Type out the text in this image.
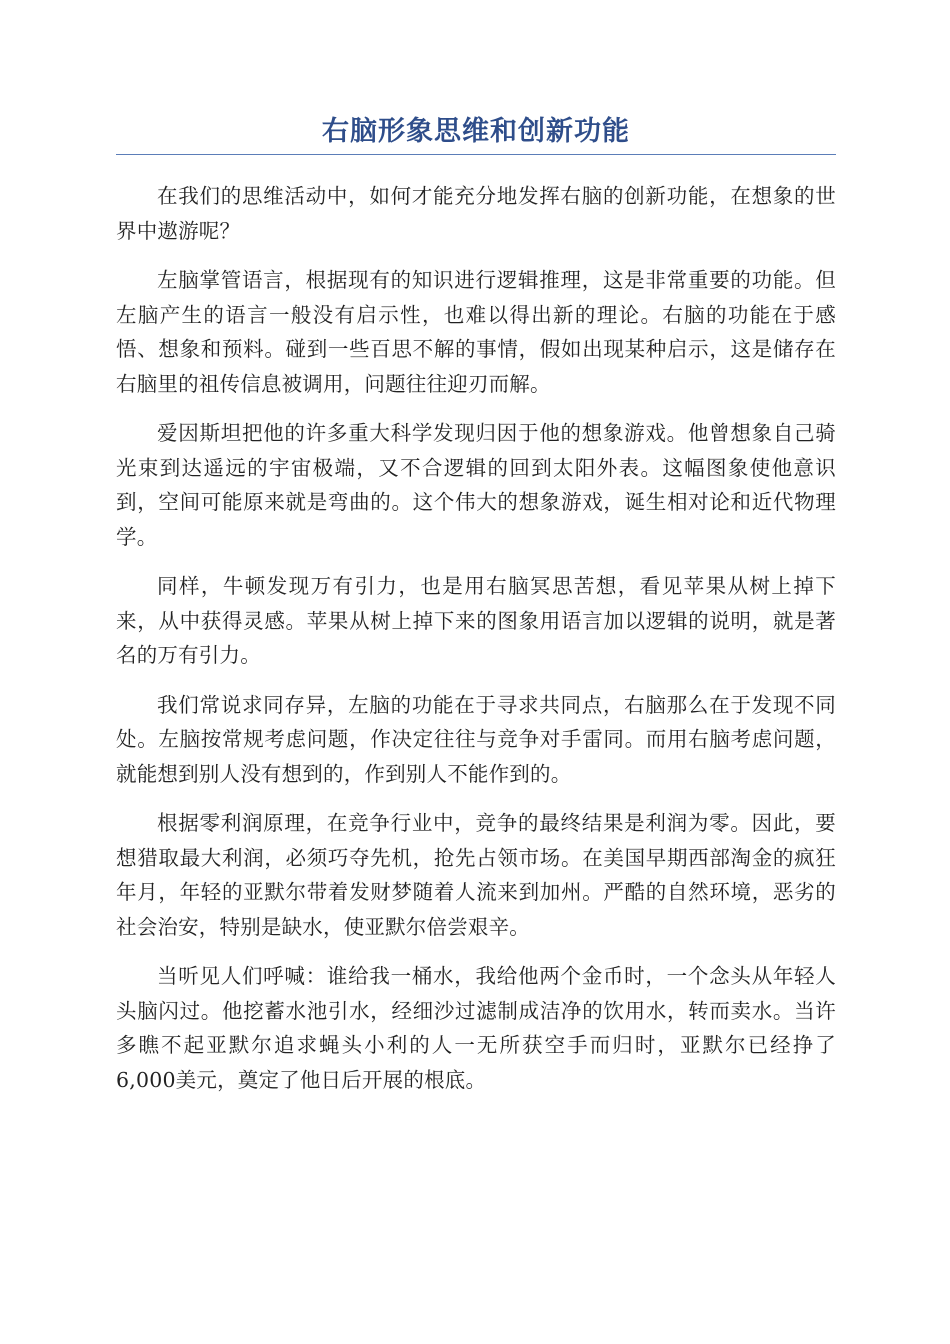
右脑形象思维和创新功能

在我们的思维活动中，如何才能充分地发挥右脑的创新功能，在想象的世界中遨游呢？

左脑掌管语言，根据现有的知识进行逻辑推理，这是非常重要的功能。但左脑产生的语言一般没有启示性，也难以得出新的理论。右脑的功能在于感悟、想象和预料。碰到一些百思不解的事情，假如出现某种启示，这是储存在右脑里的祖传信息被调用，问题往往迎刃而解。

爱因斯坦把他的许多重大科学发现归因于他的想象游戏。他曾想象自己骑光束到达遥远的宇宙极端，又不合逻辑的回到太阳外表。这幅图象使他意识到，空间可能原来就是弯曲的。这个伟大的想象游戏，诞生相对论和近代物理学。

同样，牛顿发现万有引力，也是用右脑冥思苦想，看见苹果从树上掉下来，从中获得灵感。苹果从树上掉下来的图象用语言加以逻辑的说明，就是著名的万有引力。

我们常说求同存异，左脑的功能在于寻求共同点，右脑那么在于发现不同处。左脑按常规考虑问题，作决定往往与竞争对手雷同。而用右脑考虑问题，就能想到别人没有想到的，作到别人不能作到的。

根据零利润原理，在竞争行业中，竞争的最终结果是利润为零。因此，要想猎取最大利润，必须巧夺先机，抢先占领市场。在美国早期西部淘金的疯狂年月，年轻的亚默尔带着发财梦随着人流来到加州。严酷的自然环境，恶劣的社会治安，特别是缺水，使亚默尔倍尝艰辛。

当听见人们呼喊：谁给我一桶水，我给他两个金币时，一个念头从年轻人头脑闪过。他挖蓄水池引水，经细沙过滤制成洁净的饮用水，转而卖水。当许多瞧不起亚默尔追求蝇头小利的人一无所获空手而归时，亚默尔已经挣了6,000美元，奠定了他日后开展的根底。
